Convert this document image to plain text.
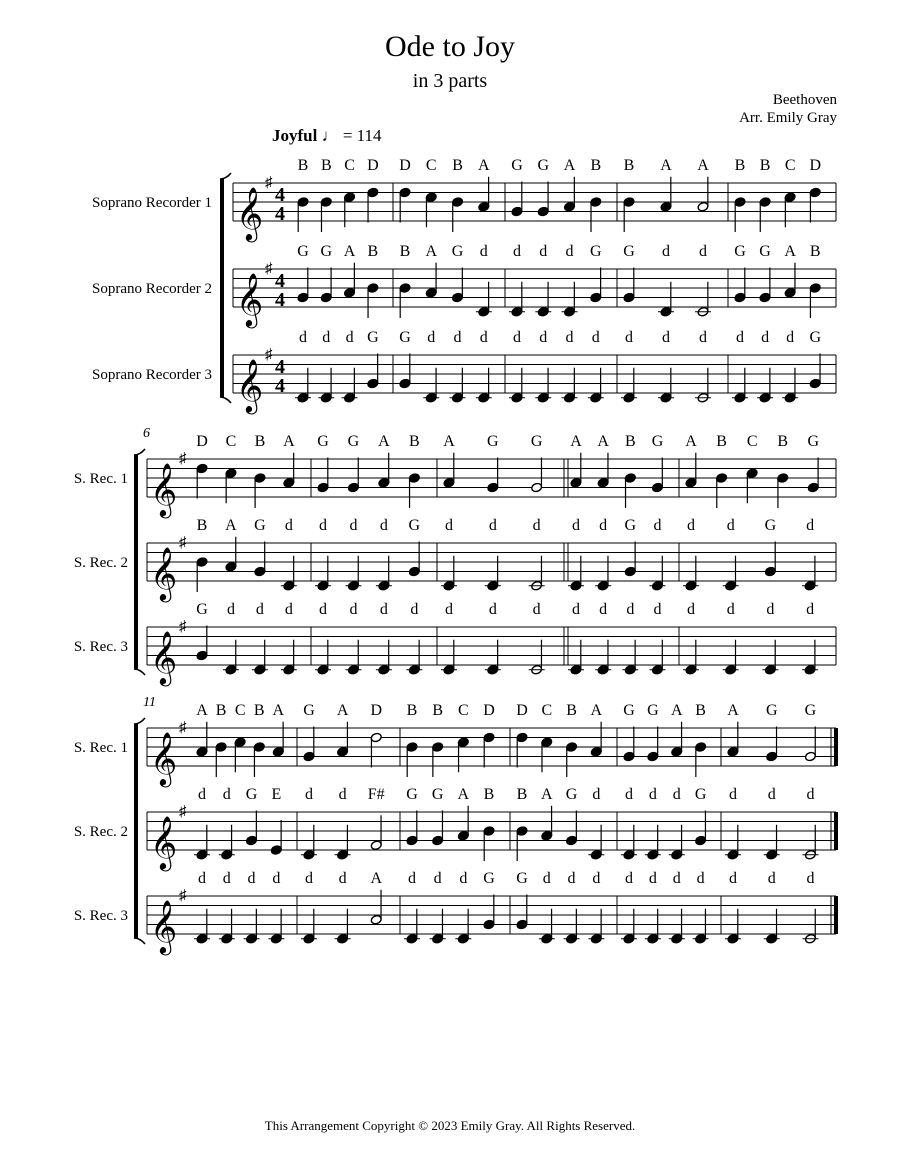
Ode to Joy
in 3 parts
Beethoven
Arr. Emily Gray
Joyful ♩ = 114
Soprano Recorder 1 𝄞
♯
4
4
B B C D D C B A G G A B B A A B B C D
Soprano Recorder 2 𝄞
♯
4
4
G G A B B A G d d d d G G d d G G A B
Soprano Recorder 3 𝄞
♯
4
4
d d d G G d d d d d d d d d d d d d G
6
S. Rec. 1 𝄞
♯
D C B A G G A B A G G A A B G A B C B G
S. Rec. 2 𝄞
♯
B A G d d d d G d d d d d G d d d G d
S. Rec. 3 𝄞
♯
G d d d d d d d d d d d d d d d d d d
11
S. Rec. 1 𝄞
♯
A B C B A G A D B B C D D C B A G G A B A G G
S. Rec. 2 𝄞
♯
d d G E d d F# G G A B B A G d d d d G d d d
S. Rec. 3 𝄞
♯
d d d d d d A d d d G G d d d d d d d d d d
This Arrangement Copyright © 2023 Emily Gray. All Rights Reserved.
